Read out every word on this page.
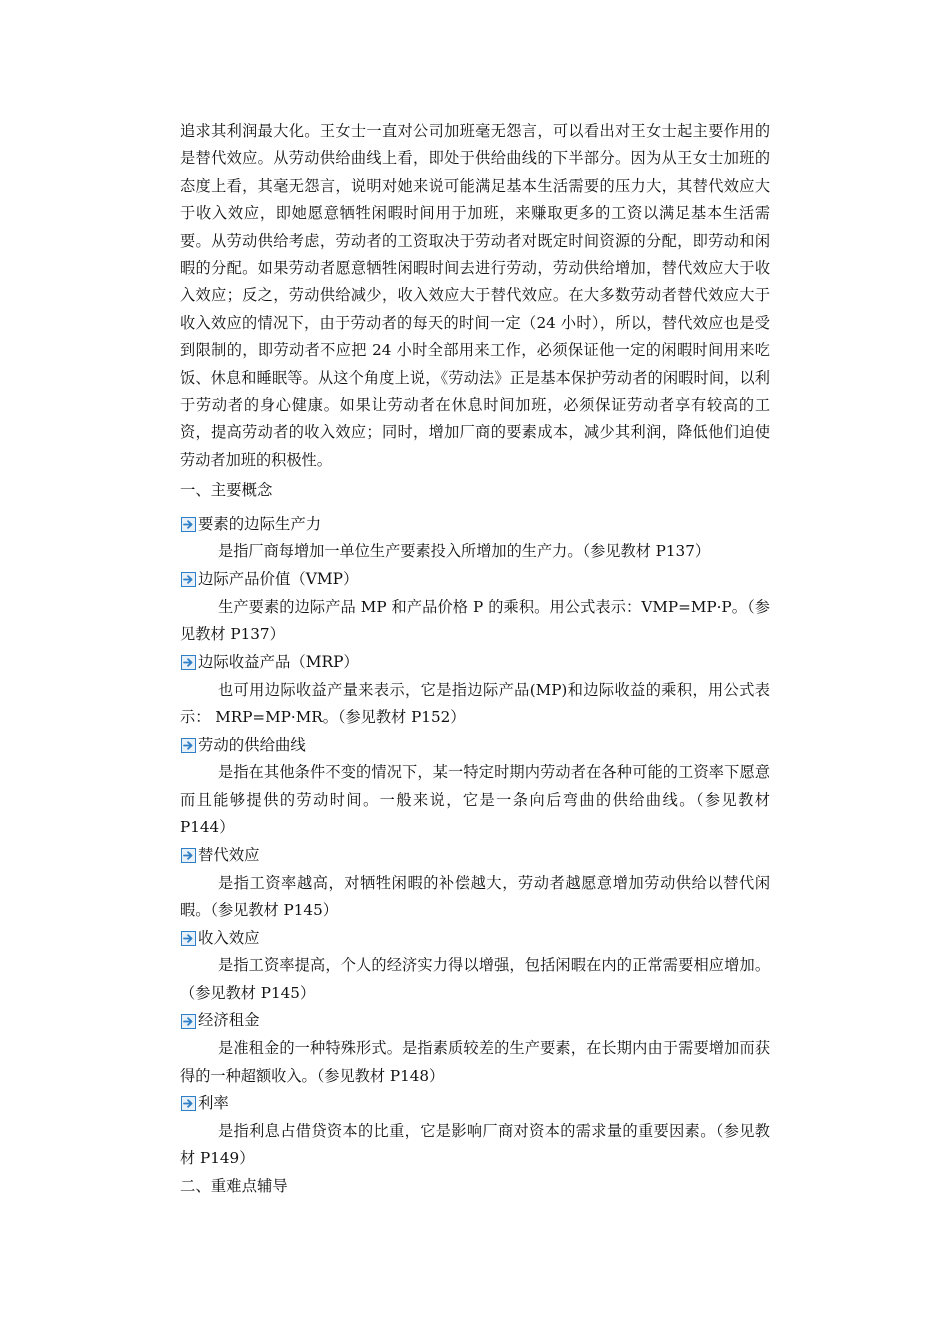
追求其利润最大化。王女士一直对公司加班毫无怨言，可以看出对王女士起主要作用的是替代效应。从劳动供给曲线上看，即处于供给曲线的下半部分。因为从王女士加班的态度上看，其毫无怨言，说明对她来说可能满足基本生活需要的压力大，其替代效应大于收入效应，即她愿意牺牲闲暇时间用于加班，来赚取更多的工资以满足基本生活需要。从劳动供给考虑，劳动者的工资取决于劳动者对既定时间资源的分配，即劳动和闲暇的分配。如果劳动者愿意牺牲闲暇时间去进行劳动，劳动供给增加，替代效应大于收入效应；反之，劳动供给减少，收入效应大于替代效应。在大多数劳动者替代效应大于收入效应的情况下，由于劳动者的每天的时间一定（24 小时），所以，替代效应也是受到限制的，即劳动者不应把 24 小时全部用来工作，必须保证他一定的闲暇时间用来吃饭、休息和睡眠等。从这个角度上说，《劳动法》正是基本保护劳动者的闲暇时间，以利于劳动者的身心健康。如果让劳动者在休息时间加班，必须保证劳动者享有较高的工资，提高劳动者的收入效应；同时，增加厂商的要素成本，减少其利润，降低他们迫使劳动者加班的积极性。

一、主要概念
要素的边际生产力

是指厂商每增加一单位生产要素投入所增加的生产力。（参见教材 P137）

边际产品价值（VMP）

生产要素的边际产品 MP 和产品价格 P 的乘积。用公式表示：VMP=MP·P。（参见教材 P137）

边际收益产品（MRP）

也可用边际收益产量来表示，它是指边际产品(MP)和边际收益的乘积，用公式表示： MRP=MP·MR。（参见教材 P152）

劳动的供给曲线

是指在其他条件不变的情况下，某一特定时期内劳动者在各种可能的工资率下愿意而且能够提供的劳动时间。一般来说，它是一条向后弯曲的供给曲线。（参见教材 P144）

替代效应

是指工资率越高，对牺牲闲暇的补偿越大，劳动者越愿意增加劳动供给以替代闲暇。（参见教材 P145）

收入效应

是指工资率提高，个人的经济实力得以增强，包括闲暇在内的正常需要相应增加。（参见教材 P145）

经济租金

是准租金的一种特殊形式。是指素质较差的生产要素，在长期内由于需要增加而获得的一种超额收入。（参见教材 P148）

利率

是指利息占借贷资本的比重，它是影响厂商对资本的需求量的重要因素。（参见教材 P149）

二、重难点辅导
